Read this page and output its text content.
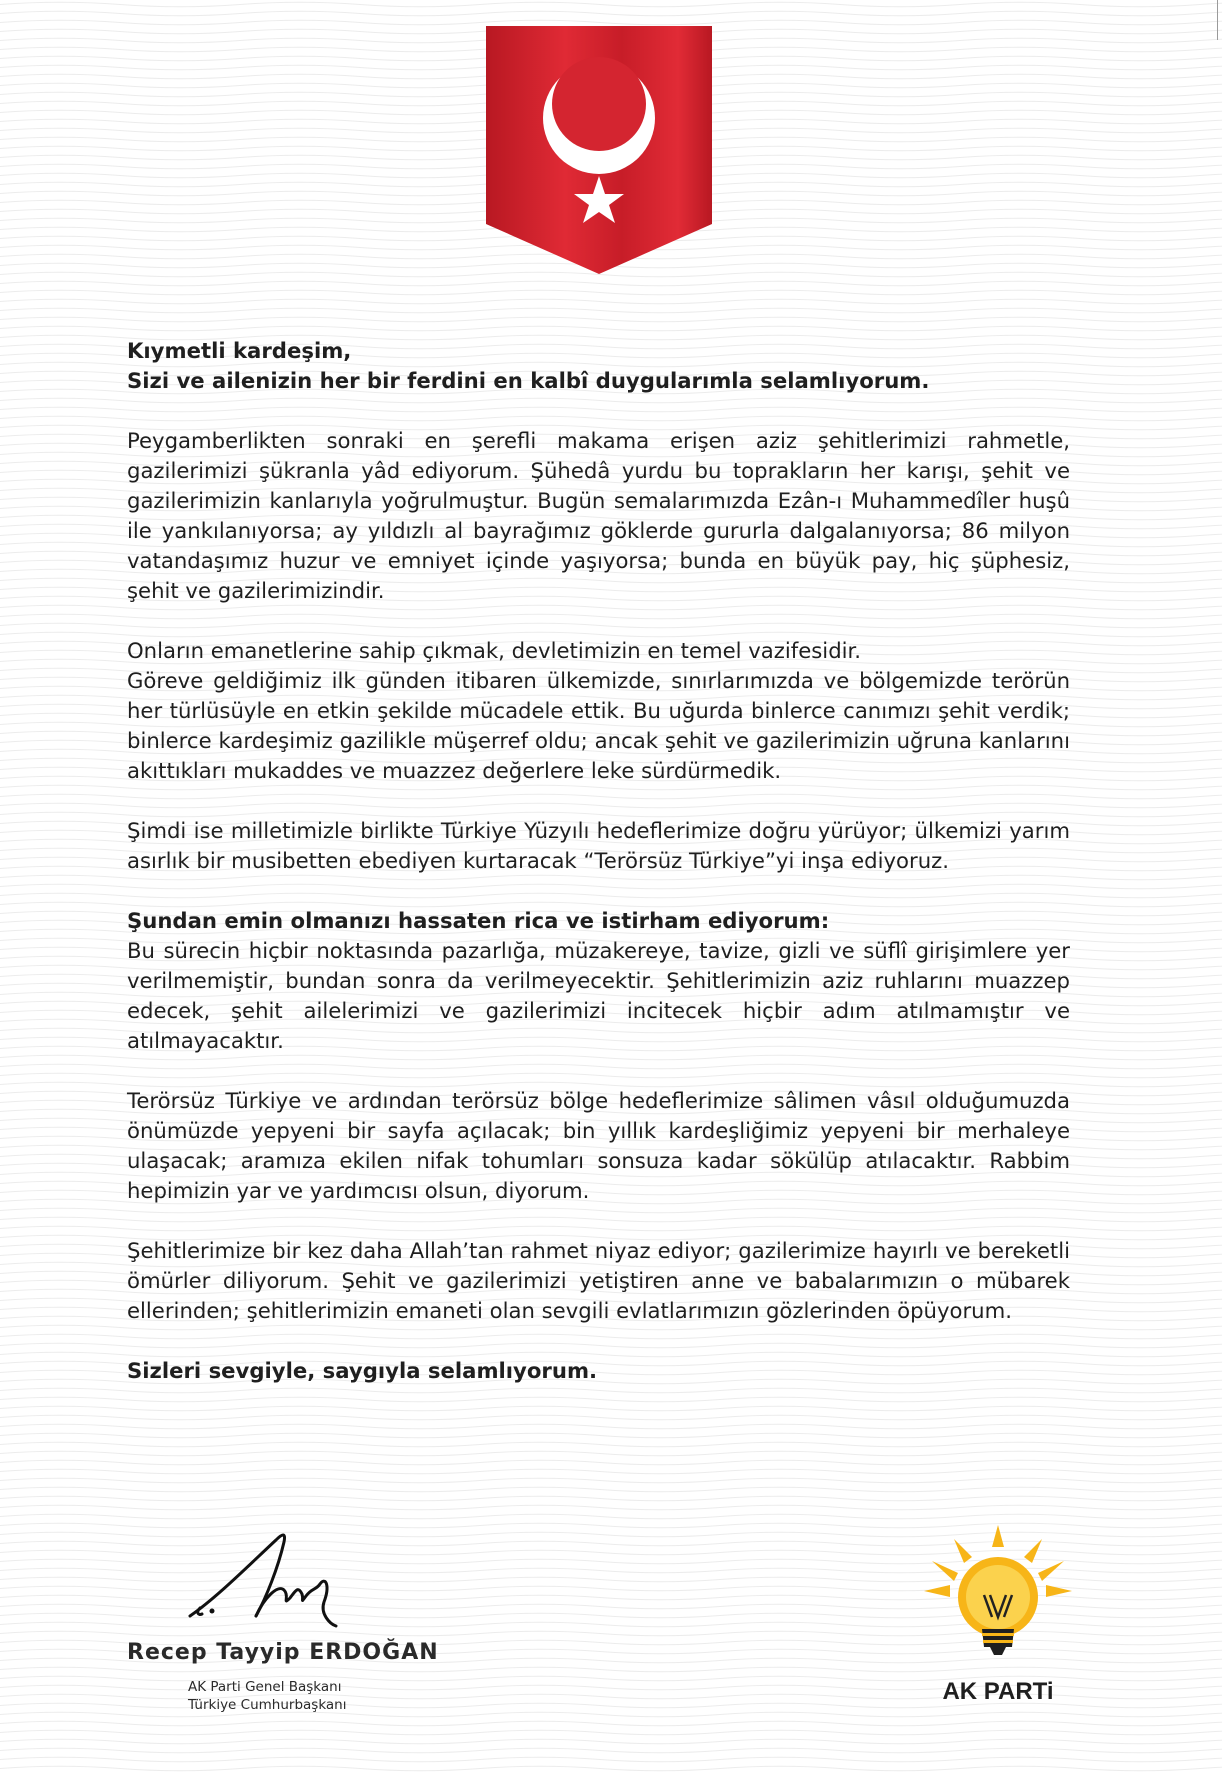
Kıymetli kardeşim,

Sizi ve ailenizin her bir ferdini en kalbî duygularımla selamlıyorum.

Peygamberlikten sonraki en şerefli makama erişen aziz şehitlerimizi rahmetle, gazilerimizi şükranla yâd ediyorum. Şühedâ yurdu bu toprakların her karışı, şehit ve gazilerimizin kanlarıyla yoğrulmuştur. Bugün semalarımızda Ezân-ı Muhammedîler huşû ile yankılanıyorsa; ay yıldızlı al bayrağımız göklerde gururla dalgalanıyorsa; 86 milyon vatandaşımız huzur ve emniyet içinde yaşıyorsa; bunda en büyük pay, hiç şüphesiz, şehit ve gazilerimizindir.

Onların emanetlerine sahip çıkmak, devletimizin en temel vazifesidir.

Göreve geldiğimiz ilk günden itibaren ülkemizde, sınırlarımızda ve bölgemizde terörün her türlüsüyle en etkin şekilde mücadele ettik. Bu uğurda binlerce canımızı şehit verdik; binlerce kardeşimiz gazilikle müşerref oldu; ancak şehit ve gazilerimizin uğruna kanlarını akıttıkları mukaddes ve muazzez değerlere leke sürdürmedik.

Şimdi ise milletimizle birlikte Türkiye Yüzyılı hedeflerimize doğru yürüyor; ülkemizi yarım asırlık bir musibetten ebediyen kurtaracak “Terörsüz Türkiye”yi inşa ediyoruz.

Şundan emin olmanızı hassaten rica ve istirham ediyorum:

Bu sürecin hiçbir noktasında pazarlığa, müzakereye, tavize, gizli ve süflî girişimlere yer verilmemiştir, bundan sonra da verilmeyecektir. Şehitlerimizin aziz ruhlarını muazzep edecek, şehit ailelerimizi ve gazilerimizi incitecek hiçbir adım atılmamıştır ve atılmayacaktır.

Terörsüz Türkiye ve ardından terörsüz bölge hedeflerimize sâlimen vâsıl olduğumuzda önümüzde yepyeni bir sayfa açılacak; bin yıllık kardeşliğimiz yepyeni bir merhaleye ulaşacak; aramıza ekilen nifak tohumları sonsuza kadar sökülüp atılacaktır. Rabbim hepimizin yar ve yardımcısı olsun, diyorum.

Şehitlerimize bir kez daha Allah’tan rahmet niyaz ediyor; gazilerimize hayırlı ve bereketli ömürler diliyorum. Şehit ve gazilerimizi yetiştiren anne ve babalarımızın o mübarek ellerinden; şehitlerimizin emaneti olan sevgili evlatlarımızın gözlerinden öpüyorum.

Sizleri sevgiyle, saygıyla selamlıyorum.

Recep Tayyip ERDOĞAN
AK Parti Genel Başkanı
Türkiye Cumhurbaşkanı	AK PARTi
